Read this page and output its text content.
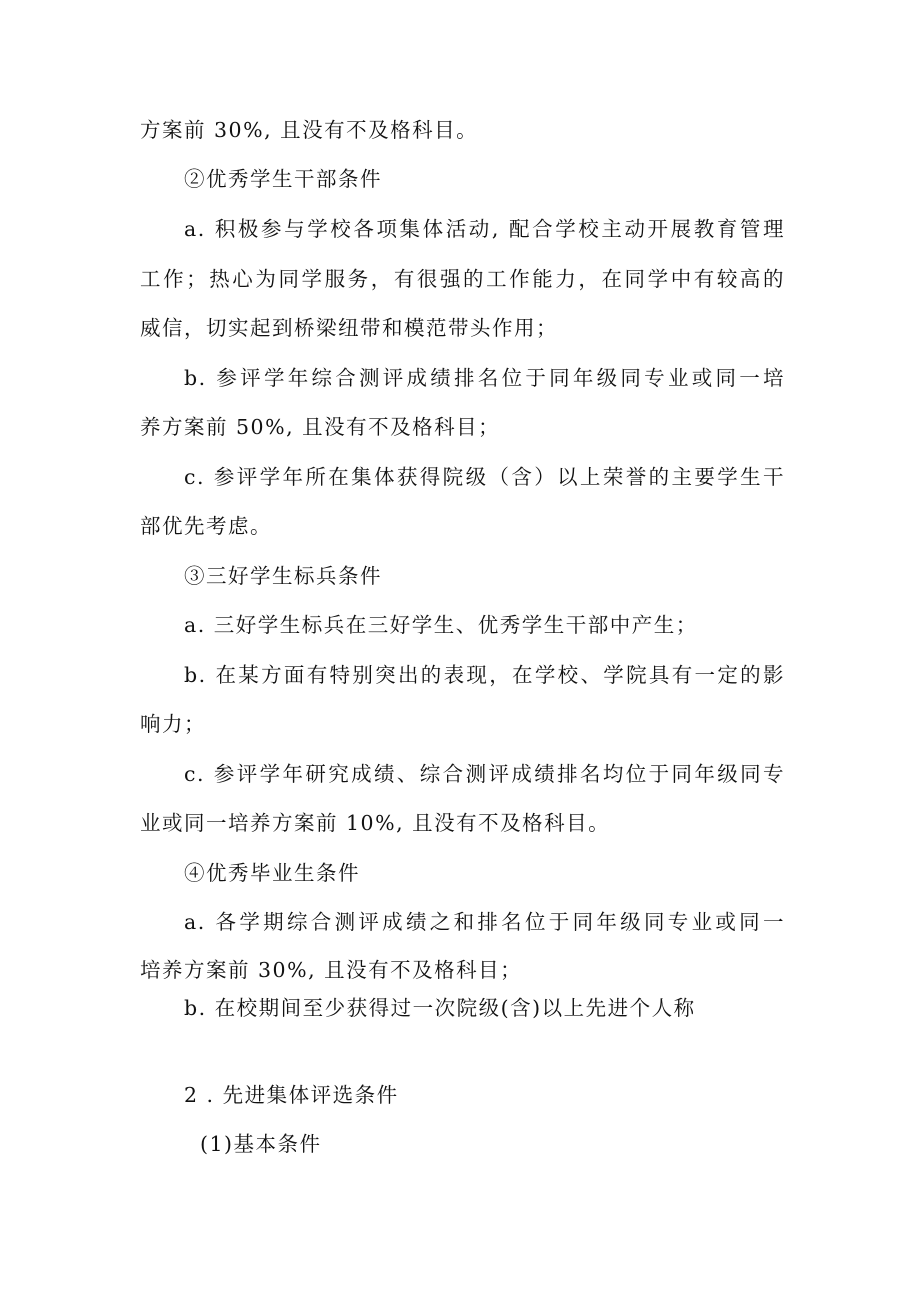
方案前 30%, 且没有不及格科目。
②优秀学生干部条件
a. 积极参与学校各项集体活动, 配合学校主动开展教育管理
工作；热心为同学服务，有很强的工作能力，在同学中有较高的
威信，切实起到桥梁纽带和模范带头作用；
b. 参评学年综合测评成绩排名位于同年级同专业或同一培
养方案前 50%, 且没有不及格科目；
c. 参评学年所在集体获得院级（含）以上荣誉的主要学生干
部优先考虑。
③三好学生标兵条件
a. 三好学生标兵在三好学生、优秀学生干部中产生；
b. 在某方面有特别突出的表现，在学校、学院具有一定的影
响力；
c. 参评学年研究成绩、综合测评成绩排名均位于同年级同专
业或同一培养方案前 10%, 且没有不及格科目。
④优秀毕业生条件
a. 各学期综合测评成绩之和排名位于同年级同专业或同一
培养方案前 30%, 且没有不及格科目；
b. 在校期间至少获得过一次院级(含)以上先进个人称
2 . 先进集体评选条件
(1)基本条件
